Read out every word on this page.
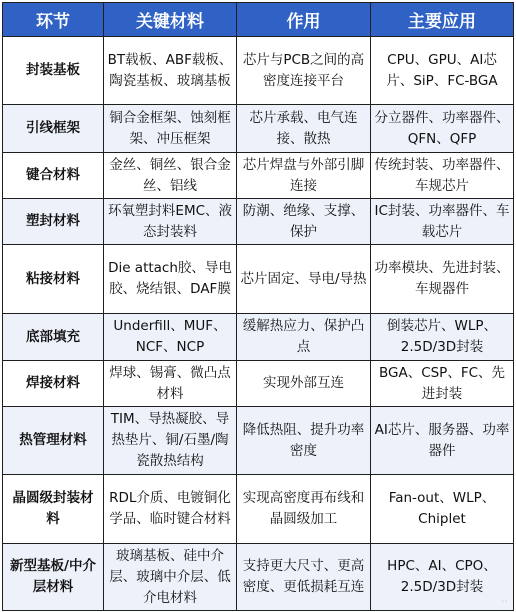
环节	关键材料	作用	主要应用
封装基板	BT载板、ABF载板、陶瓷基板、玻璃基板	芯片与PCB之间的高密度连接平台	CPU、GPU、AI芯片、SiP、FC-BGA
引线框架	铜合金框架、蚀刻框架、冲压框架	芯片承载、电气连接、散热	分立器件、功率器件、QFN、QFP
键合材料	金丝、铜丝、银合金丝、铝线	芯片焊盘与外部引脚连接	传统封装、功率器件、车规芯片
塑封材料	环氧塑封料EMC、液态封装料	防潮、绝缘、支撑、保护	IC封装、功率器件、车载芯片
粘接材料	Die attach胶、导电胶、烧结银、DAF膜	芯片固定、导电/导热	功率模块、先进封装、车规器件
底部填充	Underfill、MUF、NCF、NCP	缓解热应力、保护凸点	倒装芯片、WLP、2.5D/3D封装
焊接材料	焊球、锡膏、微凸点材料	实现外部互连	BGA、CSP、FC、先进封装
热管理材料	TIM、导热凝胶、导热垫片、铜/石墨/陶瓷散热结构	降低热阻、提升功率密度	AI芯片、服务器、功率器件
晶圆级封装材料	RDL介质、电镀铜化学品、临时键合材料	实现高密度再布线和晶圆级加工	Fan-out、WLP、Chiplet
新型基板/中介层材料	玻璃基板、硅中介层、玻璃中介层、低介电材料	支持更大尺寸、更高密度、更低损耗互连	HPC、AI、CPO、2.5D/3D封装
··
